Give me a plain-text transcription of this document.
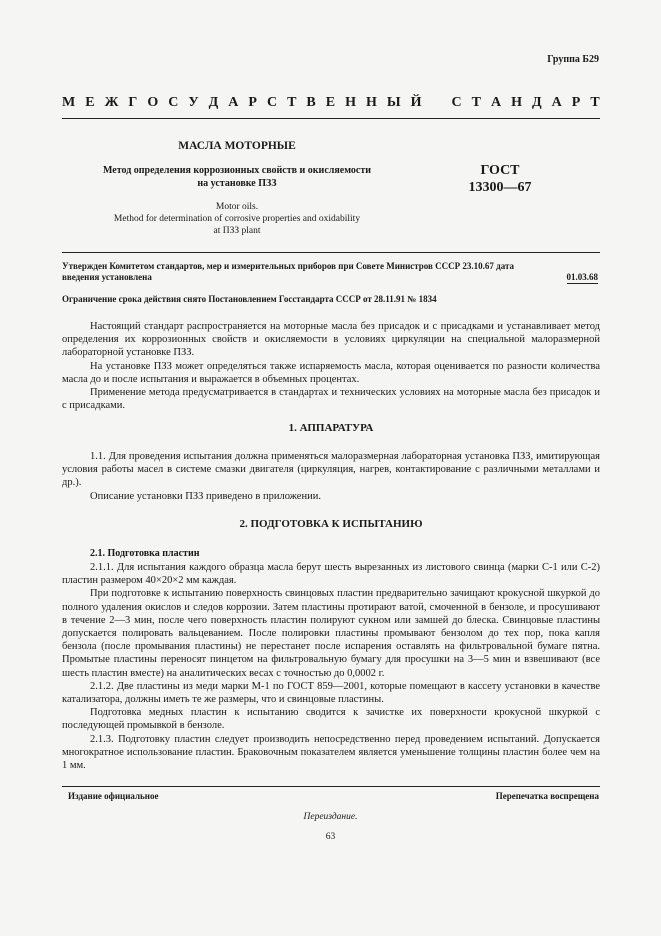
Группа Б29
М Е Ж Г О С У Д А Р С Т В Е Н Н Ы Й С Т А Н Д А Р Т
МАСЛА МОТОРНЫЕ
Метод определения коррозионных свойств и окисляемости
на установке ПЗЗ
ГОСТ
13300—67
Motor oils.
Method for determination of corrosive properties and oxidability
at ПЗЗ plant
Утвержден Комитетом стандартов, мер и измерительных приборов при Совете Министров СССР 23.10.67 дата
введения установлена	01.03.68
Ограничение срока действия снято Постановлением Госстандарта СССР от 28.11.91 № 1834

Настоящий стандарт распространяется на моторные масла без присадок и с присадками и устанавливает метод определения их коррозионных свойств и окисляемости в условиях циркуляции на специальной малоразмерной лабораторной установке ПЗЗ.

На установке ПЗЗ может определяться также испаряемость масла, которая оценивается по разности количества масла до и после испытания и выражается в объемных процентах.

Применение метода предусматривается в стандартах и технических условиях на моторные масла без присадок и с присадками.

1. АППАРАТУРА

1.1. Для проведения испытания должна применяться малоразмерная лабораторная установка ПЗЗ, имитирующая условия работы масел в системе смазки двигателя (циркуляция, нагрев, контактирование с различными металлами и др.).

Описание установки ПЗЗ приведено в приложении.

2. ПОДГОТОВКА К ИСПЫТАНИЮ
2.1. Подготовка пластин

2.1.1. Для испытания каждого образца масла берут шесть вырезанных из листового свинца (марки С-1 или С-2) пластин размером 40×20×2 мм каждая.

При подготовке к испытанию поверхность свинцовых пластин предварительно зачищают крокусной шкуркой до полного удаления окислов и следов коррозии. Затем пластины протирают ватой, смоченной в бензоле, и просушивают в течение 2—3 мин, после чего поверхность пластин полируют сукном или замшей до блеска. Свинцовые пластины допускается полировать вальцеванием. После полировки пластины промывают бензолом до тех пор, пока капля бензола (после промывания пластины) не перестанет после испарения оставлять на фильтровальной бумаге пятна. Промытые пластины переносят пинцетом на фильтровальную бумагу для просушки на 3—5 мин и взвешивают (все шесть пластин вместе) на аналитических весах с точностью до 0,0002 г.

2.1.2. Две пластины из меди марки М-1 по ГОСТ 859—2001, которые помещают в кассету установки в качестве катализатора, должны иметь те же размеры, что и свинцовые пластины.

Подготовка медных пластин к испытанию сводится к зачистке их поверхности крокусной шкуркой с последующей промывкой в бензоле.

2.1.3. Подготовку пластин следует производить непосредственно перед проведением испытаний. Допускается многократное использование пластин. Браковочным показателем является уменьшение толщины пластин более чем на 1 мм.

Издание официальное	Перепечатка воспрещена
Переиздание.
63
